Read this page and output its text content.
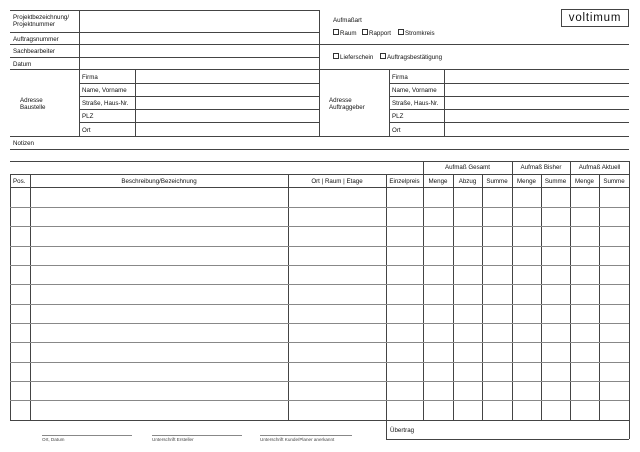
Projektbezeichnung/ Projektnummer
Auftragsnummer
Sachbearbeiter
Datum
Aufmaßart
Raum	Rapport	Stromkreis
Lieferschein	Auftragsbestätigung
voltimum
Adresse Baustelle
Firma
Name, Vorname
Straße, Haus-Nr.
PLZ
Ort
Adresse Auftraggeber
Firma
Name, Vorname
Straße, Haus-Nr.
PLZ
Ort
Notizen
Aufmaß Gesamt	Aufmaß Bisher	Aufmaß Aktuell
Pos.	Beschreibung/Bezeichnung	Ort | Raum | Etage	Einzelpreis	Menge	Abzug	Summe	Menge	Summe	Menge	Summe
Übertrag
Ort, Datum	Unterschrift Ersteller	Unterschrift Kunde/Planer anerkannt
